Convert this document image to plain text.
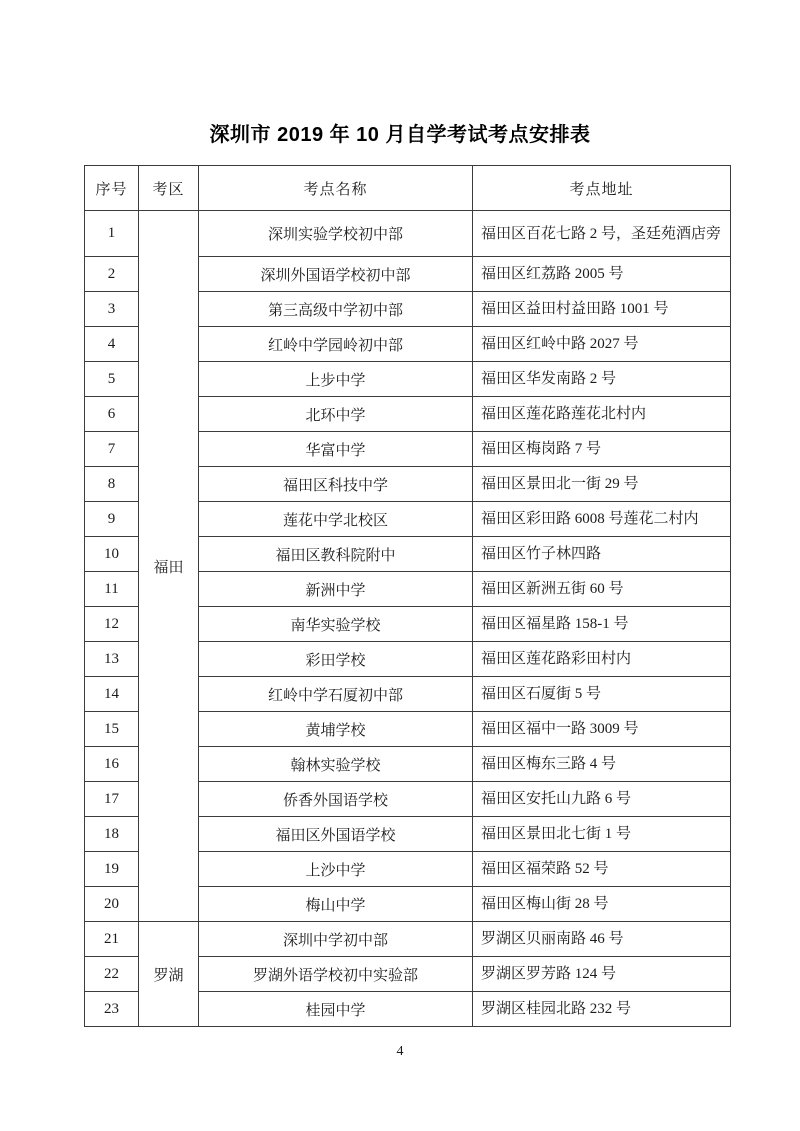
深圳市 2019 年 10 月自学考试考点安排表
序号	考区	考点名称	考点地址
1	福田	深圳实验学校初中部	福田区百花七路 2 号，圣廷苑酒店旁
2		深圳外国语学校初中部	福田区红荔路 2005 号
3		第三高级中学初中部	福田区益田村益田路 1001 号
4		红岭中学园岭初中部	福田区红岭中路 2027 号
5		上步中学	福田区华发南路 2 号
6		北环中学	福田区莲花路莲花北村内
7		华富中学	福田区梅岗路 7 号
8		福田区科技中学	福田区景田北一街 29 号
9		莲花中学北校区	福田区彩田路 6008 号莲花二村内
10		福田区教科院附中	福田区竹子林四路
11		新洲中学	福田区新洲五街 60 号
12		南华实验学校	福田区福星路 158-1 号
13		彩田学校	福田区莲花路彩田村内
14		红岭中学石厦初中部	福田区石厦街 5 号
15		黄埔学校	福田区福中一路 3009 号
16		翰林实验学校	福田区梅东三路 4 号
17		侨香外国语学校	福田区安托山九路 6 号
18		福田区外国语学校	福田区景田北七街 1 号
19		上沙中学	福田区福荣路 52 号
20		梅山中学	福田区梅山街 28 号
21	罗湖	深圳中学初中部	罗湖区贝丽南路 46 号
22		罗湖外语学校初中实验部	罗湖区罗芳路 124 号
23		桂园中学	罗湖区桂园北路 232 号
4
